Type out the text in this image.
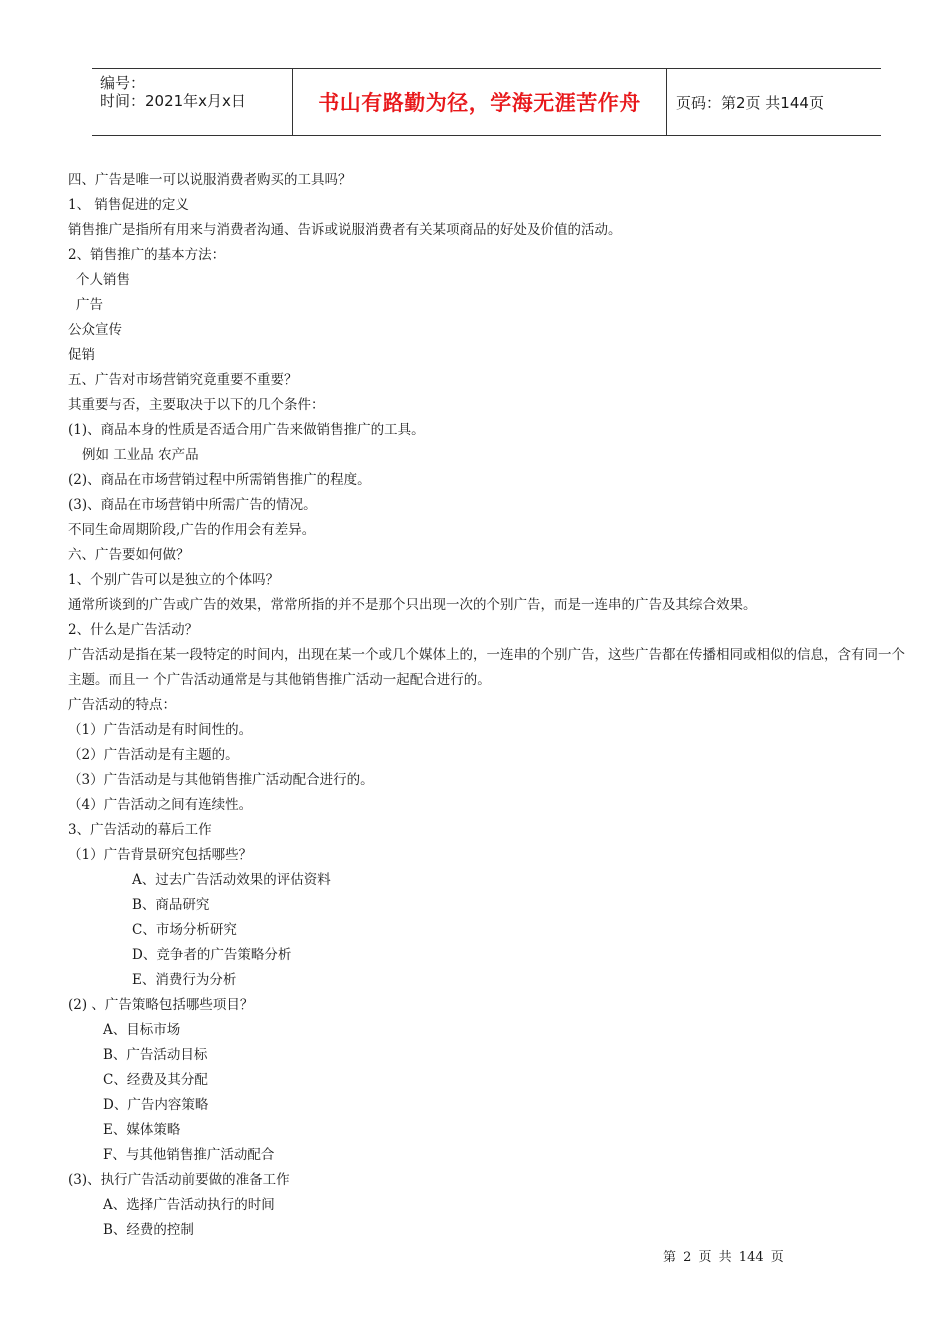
编号：
时间：2021年x月x日	书山有路勤为径，学海无涯苦作舟 页码：第2页 共144页
四、广告是唯一可以说服消费者购买的工具吗？
1、 销售促进的定义
销售推广是指所有用来与消费者沟通、告诉或说服消费者有关某项商品的好处及价值的活动。
2、销售推广的基本方法：
个人销售
广告
公众宣传
促销
五、广告对市场营销究竟重要不重要？
其重要与否，主要取决于以下的几个条件：
(1)、商品本身的性质是否适合用广告来做销售推广的工具。
例如 工业品 农产品
(2)、商品在市场营销过程中所需销售推广的程度。
(3)、商品在市场营销中所需广告的情况。
不同生命周期阶段,广告的作用会有差异。
六、广告要如何做？
1、个别广告可以是独立的个体吗？
通常所谈到的广告或广告的效果，常常所指的并不是那个只出现一次的个别广告，而是一连串的广告及其综合效果。
2、什么是广告活动？
广告活动是指在某一段特定的时间内，出现在某一个或几个媒体上的，一连串的个别广告，这些广告都在传播相同或相似的信息，含有同一个主题。而且一 个广告活动通常是与其他销售推广活动一起配合进行的。
广告活动的特点：
（1）广告活动是有时间性的。
（2）广告活动是有主题的。
（3）广告活动是与其他销售推广活动配合进行的。
（4）广告活动之间有连续性。
3、广告活动的幕后工作
（1）广告背景研究包括哪些？
A、过去广告活动效果的评估资料
B、商品研究
C、市场分析研究
D、竞争者的广告策略分析
E、消费行为分析
(2) 、广告策略包括哪些项目？
A、目标市场
B、广告活动目标
C、经费及其分配
D、广告内容策略
E、媒体策略
F、与其他销售推广活动配合
(3)、执行广告活动前要做的准备工作
A、选择广告活动执行的时间
B、经费的控制
第 2 页 共 144 页
